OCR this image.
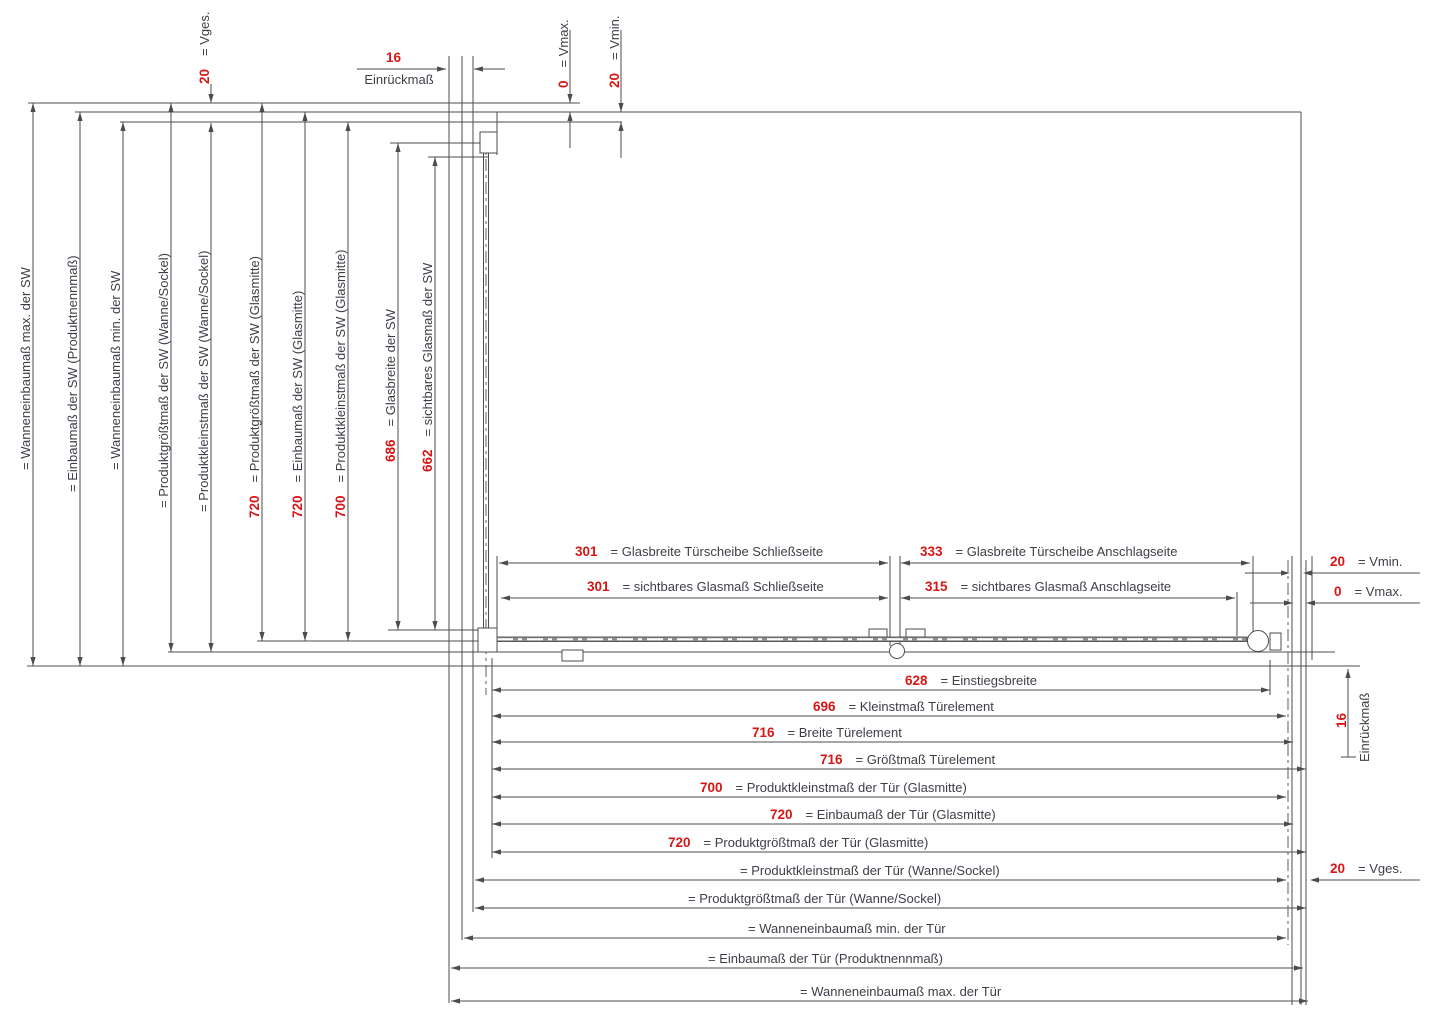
= Wanneneinbaumaß max. der SW = Einbaumaß der SW (Produktnennmaß) = Wanneneinbaumaß min. der SW	= Produktgrößtmaß der SW (Wanne/Sockel) = Produktkleinstmaß der SW (Wanne/Sockel)	720  = Produktgrößtmaß der SW (Glasmitte)
720  = Einbaumaß der SW (Glasmitte)
700  = Produktkleinstmaß der SW (Glasmitte)	686  = Glasbreite der SW
662  = sichtbares Glasmaß der SW
301   = Glasbreite Türscheibe Schließseite	333   = Glasbreite Türscheibe Anschlagseite
301   = sichtbares Glasmaß Schließseite	315   = sichtbares Glasmaß Anschlagseite
628   = Einstiegsbreite
696   = Kleinstmaß Türelement
716   = Breite Türelement
716   = Größtmaß Türelement
700   = Produktkleinstmaß der Tür (Glasmitte)
720   = Einbaumaß der Tür (Glasmitte)
720   = Produktgrößtmaß der Tür (Glasmitte)
= Produktkleinstmaß der Tür (Wanne/Sockel)
= Produktgrößtmaß der Tür (Wanne/Sockel)
= Wanneneinbaumaß min. der Tür
= Einbaumaß der Tür (Produktnennmaß)
= Wanneneinbaumaß max. der Tür
20  = Vges.
16  
Einrückmaß	0  = Vmax.
20  = Vmin.
20   = Vmin.
0   = Vmax.
16   Einrückmaß
20   = Vges.
